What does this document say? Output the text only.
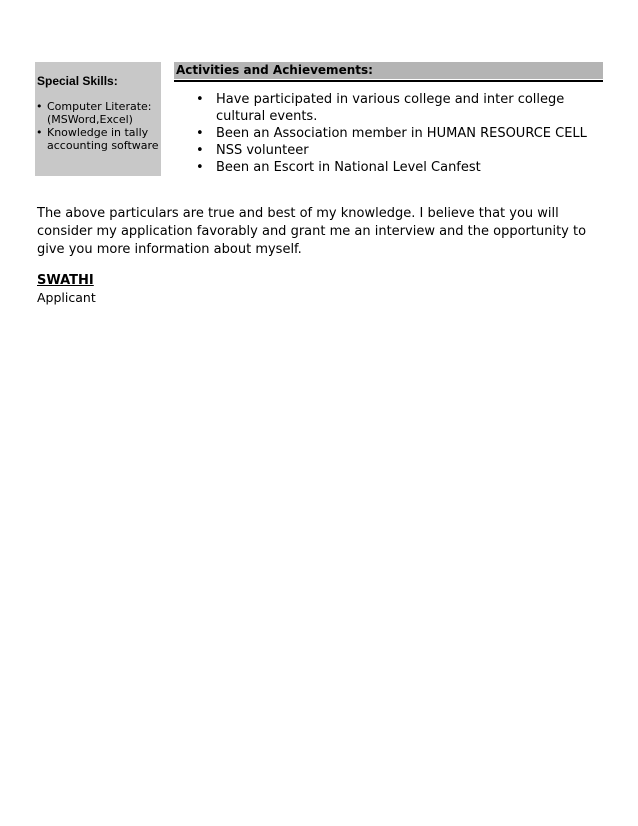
Special Skills:
• Computer Literate:
(MSWord,Excel)
• Knowledge in tally
accounting software
Activities and Achievements:
• Have participated in various college and inter college cultural events.
• Been an Association member in HUMAN RESOURCE CELL
• NSS volunteer
• Been an Escort in National Level Canfest

The above particulars are true and best of my knowledge. I believe that you will consider my application favorably and grant me an interview and the opportunity to give you more information about myself.

SWATHI
Applicant
